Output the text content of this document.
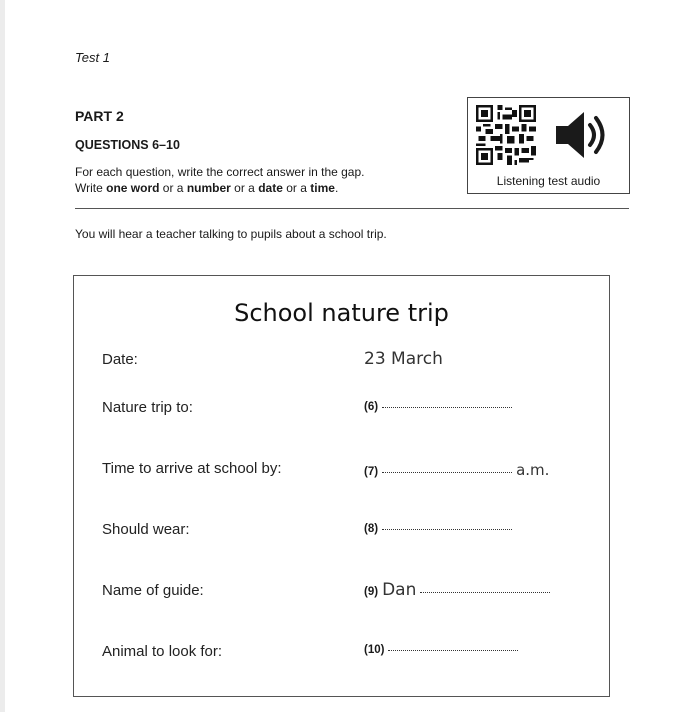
Test 1
PART 2
QUESTIONS 6–10
For each question, write the correct answer in the gap.
Write one word or a number or a date or a time.	Listening test audio
You will hear a teacher talking to pupils about a school trip.
School nature trip
Date:	23 March
Nature trip to:	(6)
Time to arrive at school by:	(7)	a.m.
Should wear:	(8)
Name of guide:	(9) Dan
Animal to look for:	(10)
